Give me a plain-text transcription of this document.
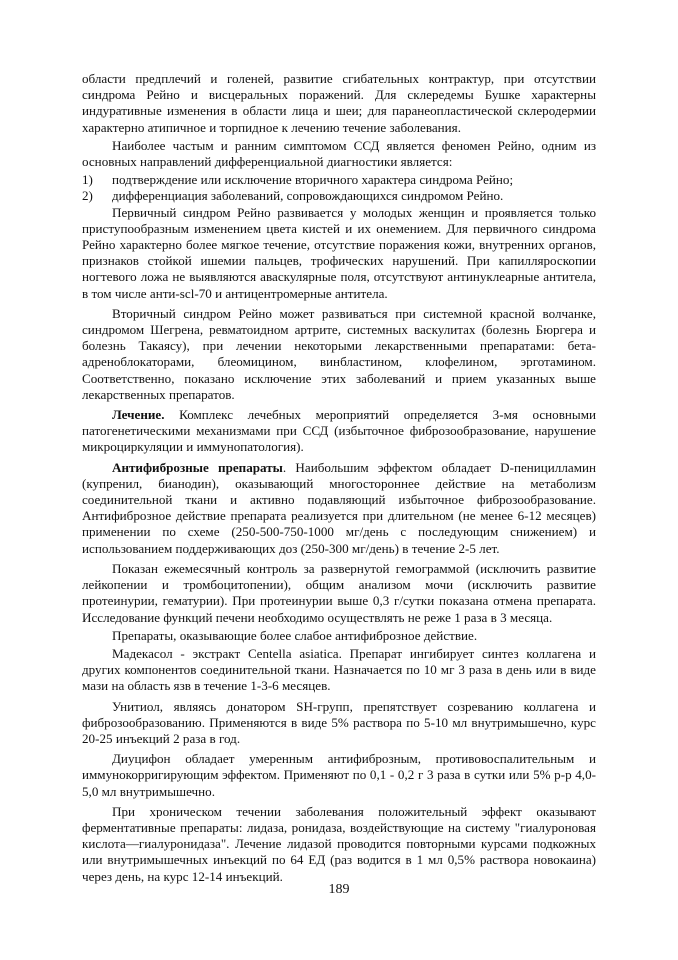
области предплечий и голеней, развитие сгибательных контрактур, при отсутствии синдрома Рейно и висцеральных поражений. Для склередемы Бушке характерны индуративные изменения в области лица и шеи; для паранеопластической склеродермии характерно атипичное и торпидное к лечению течение заболевания.

Наиболее частым и ранним симптомом ССД является феномен Рейно, одним из основных направлений дифференциальной диагностики является:

1)	подтверждение или исключение вторичного характера синдрома Рейно;
2)	дифференциация заболеваний, сопровождающихся синдромом Рейно.

Первичный синдром Рейно развивается у молодых женщин и проявляется только приступообразным изменением цвета кистей и их онемением. Для первичного синдрома Рейно характерно более мягкое течение, отсутствие поражения кожи, внутренних органов, признаков стойкой ишемии пальцев, трофических нарушений. При капилляроскопии ногтевого ложа не выявляются аваскулярные поля, отсутствуют антинуклеарные антитела, в том числе анти-scl-70 и антицентромерные антитела.

Вторичный синдром Рейно может развиваться при системной красной волчанке, синдромом Шегрена, ревматоидном артрите, системных васкулитах (болезнь Бюргера и болезнь Такаясу), при лечении некоторыми лекарственными препаратами: бета-адреноблокаторами, блеомицином, винбластином, клофелином, эрготамином. Соответственно, показано исключение этих заболеваний и прием указанных выше лекарственных препаратов.

Лечение. Комплекс лечебных мероприятий определяется 3-мя основными патогенетическими механизмами при ССД (избыточное фиброзообразование, нарушение микроциркуляции и иммунопатология).

Антифиброзные препараты. Наибольшим эффектом обладает D-пеницилламин (купренил, бианодин), оказывающий многостороннее действие на метаболизм соединительной ткани и активно подавляющий избыточное фиброзообразование. Антифиброзное действие препарата реализуется при длительном (не менее 6-12 месяцев) применении по схеме (250-500-750-1000 мг/день с последующим снижением) и использованием поддерживающих доз (250-300 мг/день) в течение 2-5 лет.

Показан ежемесячный контроль за развернутой гемограммой (исключить развитие лейкопении и тромбоцитопении), общим анализом мочи (исключить развитие протеинурии, гематурии). При протеинурии выше 0,3 г/сутки показана отмена препарата. Исследование функций печени необходимо осуществлять не реже 1 раза в 3 месяца.

Препараты, оказывающие более слабое антифиброзное действие.

Мадекасол - экстракт Centella asiatica. Препарат ингибирует синтез коллагена и других компонентов соединительной ткани. Назначается по 10 мг 3 раза в день или в виде мази на область язв в течение 1-3-6 месяцев.

Унитиол, являясь донатором SH-групп, препятствует созреванию коллагена и фиброзообразованию. Применяются в виде 5% раствора по 5-10 мл внутримышечно, курс 20-25 инъекций 2 раза в год.

Диуцифон обладает умеренным антифиброзным, противовоспалительным и иммунокорригирующим эффектом. Применяют по 0,1 - 0,2 г 3 раза в сутки или 5% р-р 4,0-5,0 мл внутримышечно.

При хроническом течении заболевания положительный эффект оказывают ферментативные препараты: лидаза, ронидаза, воздействующие на систему "гиалуроновая кислота—гиалуронидаза". Лечение лидазой проводится повторными курсами подкожных или внутримышечных инъекций по 64 ЕД (раз водится в 1 мл 0,5% раствора новокаина) через день, на курс 12-14 инъекций.

189
